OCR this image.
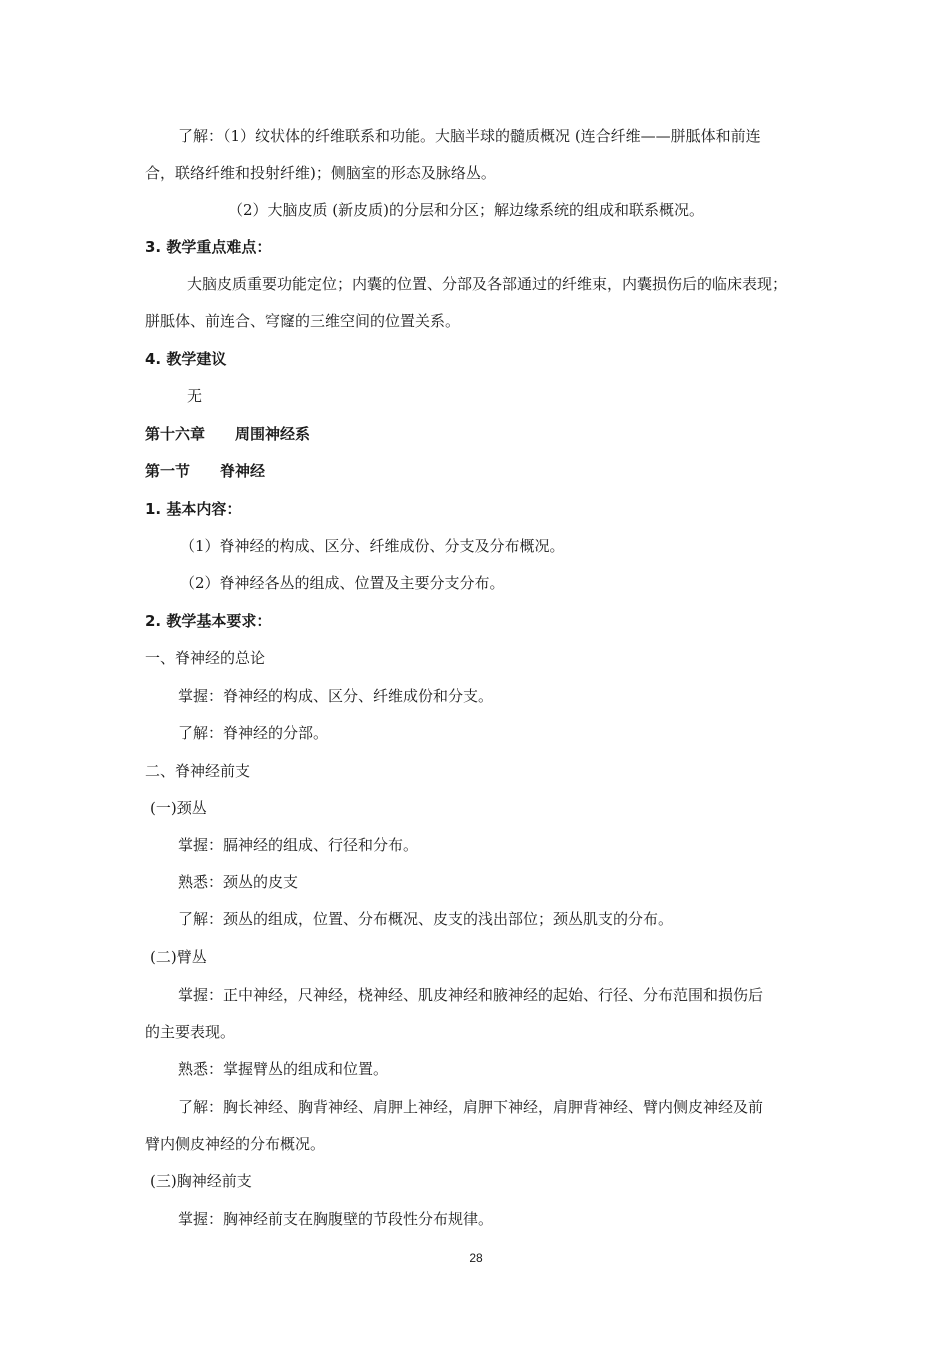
了解：（1）纹状体的纤维联系和功能。大脑半球的髓质概况 (连合纤维——胼胝体和前连
合，联络纤维和投射纤维)；侧脑室的形态及脉络丛。
（2）大脑皮质 (新皮质)的分层和分区；解边缘系统的组成和联系概况。
3. 教学重点难点：
大脑皮质重要功能定位；内囊的位置、分部及各部通过的纤维束，内囊损伤后的临床表现；
胼胝体、前连合、穹窿的三维空间的位置关系。
4. 教学建议
无
第十六章　　周围神经系
第一节　　脊神经
1. 基本内容：
（1）脊神经的构成、区分、纤维成份、分支及分布概况。
（2）脊神经各丛的组成、位置及主要分支分布。
2. 教学基本要求：
一、脊神经的总论
掌握：脊神经的构成、区分、纤维成份和分支。
了解：脊神经的分部。
二、脊神经前支
(一)颈丛
掌握：膈神经的组成、行径和分布。
熟悉：颈丛的皮支
了解：颈丛的组成，位置、分布概况、皮支的浅出部位；颈丛肌支的分布。
(二)臂丛
掌握：正中神经，尺神经，桡神经、肌皮神经和腋神经的起始、行径、分布范围和损伤后
的主要表现。
熟悉：掌握臂丛的组成和位置。
了解：胸长神经、胸背神经、肩胛上神经，肩胛下神经，肩胛背神经、臂内侧皮神经及前
臂内侧皮神经的分布概况。
(三)胸神经前支
掌握：胸神经前支在胸腹壁的节段性分布规律。
28
